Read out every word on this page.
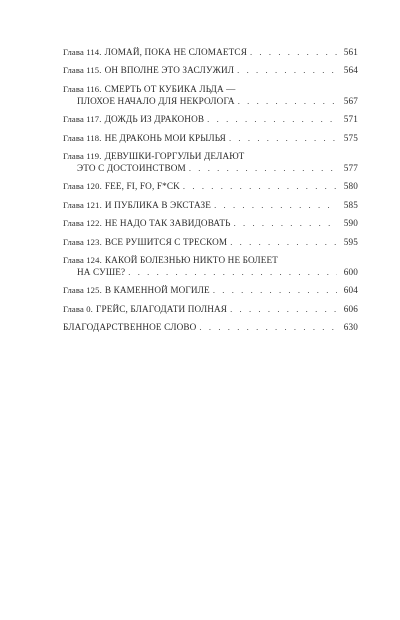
Глава 114. ЛОМАЙ, ПОКА НЕ СЛОМАЕТСЯ . . .	561
Глава 115. ОН ВПОЛНЕ ЭТО ЗАСЛУЖИЛ . . .	564
Глава 116. СМЕРТЬ ОТ КУБИКА ЛЬДА —
ПЛОХОЕ НАЧАЛО ДЛЯ НЕКРОЛОГА . . .	567
Глава 117. ДОЖДЬ ИЗ ДРАКОНОВ . . .	571
Глава 118. НЕ ДРАКОНЬ МОИ КРЫЛЬЯ . . .	575
Глава 119. ДЕВУШКИ-ГОРГУЛЬИ ДЕЛАЮТ
ЭТО С ДОСТОИНСТВОМ . . .	577
Глава 120. FEE, FI, FO, F*CK . . .	580
Глава 121. И ПУБЛИКА В ЭКСТАЗЕ . . .	585
Глава 122. НЕ НАДО ТАК ЗАВИДОВАТЬ . . .	590
Глава 123. ВСЕ РУШИТСЯ С ТРЕСКОМ . . .	595
Глава 124. КАКОЙ БОЛЕЗНЬЮ НИКТО НЕ БОЛЕЕТ
НА СУШЕ? . . .	600
Глава 125. В КАМЕННОЙ МОГИЛЕ . . .	604
Глава 0. ГРЕЙС, БЛАГОДАТИ ПОЛНАЯ . . .	606
БЛАГОДАРСТВЕННОЕ СЛОВО . . .	630
